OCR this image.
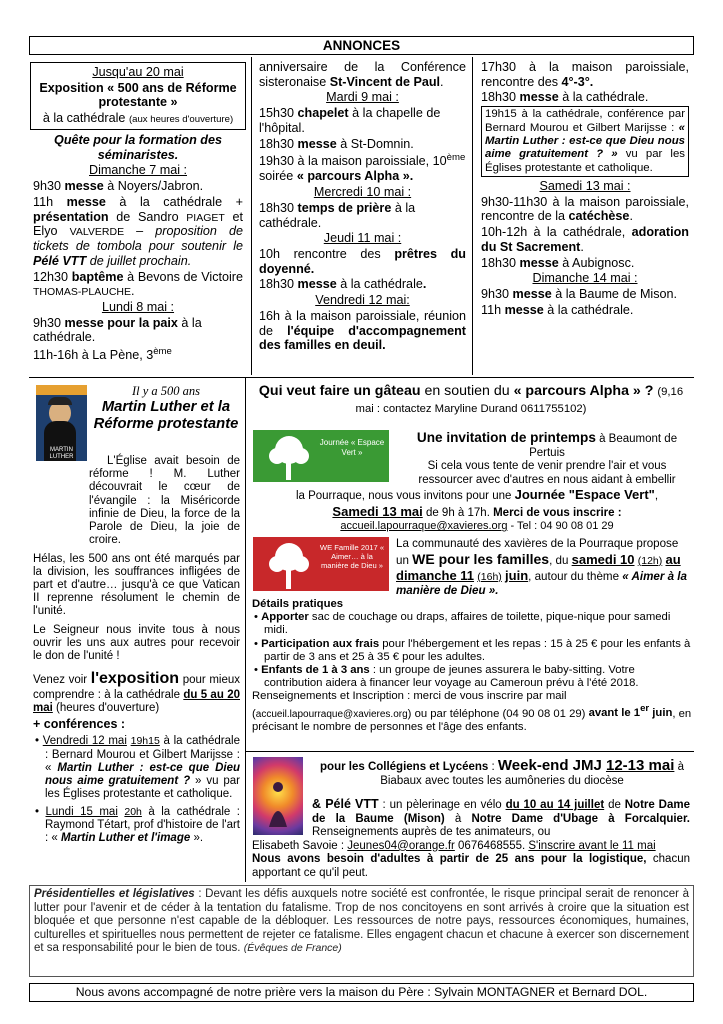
ANNONCES

Jusqu'au 20 mai

Exposition « 500 ans de Réforme protestante »

à la cathédrale (aux heures d'ouverture)

Quête pour la formation des séminaristes.

Dimanche 7 mai :

9h30 messe à Noyers/Jabron.

11h messe à la cathédrale + présentation de Sandro PIAGET et Elyo VALVERDE – proposition de tickets de tombola pour soutenir le Pélé VTT de juillet prochain.

12h30 baptême à Bevons de Victoire THOMAS-PLAUCHE.

Lundi 8 mai :

9h30 messe pour la paix à la cathédrale.

11h-16h à La Pène, 3ème

anniversaire de la Conférence sisteronaise St-Vincent de Paul.

Mardi 9 mai :

15h30 chapelet à la chapelle de l'hôpital.

18h30 messe à St-Domnin.

19h30 à la maison paroissiale, 10ème soirée « parcours Alpha ».

Mercredi 10 mai :

18h30 temps de prière à la cathédrale.

Jeudi 11 mai :

10h rencontre des prêtres du doyenné.

18h30 messe à la cathédrale.

Vendredi 12 mai:

16h à la maison paroissiale, réunion de l'équipe d'accompagnement des familles en deuil.

17h30 à la maison paroissiale, rencontre des 4°-3°.

18h30 messe à la cathédrale.

19h15 à la cathédrale, conférence par Bernard Mourou et Gilbert Marijsse : « Martin Luther : est-ce que Dieu nous aime gratuitement ? » vu par les Églises protestante et catholique.

Samedi 13 mai :

9h30-11h30 à la maison paroissiale, rencontre de la catéchèse.

10h-12h à la cathédrale, adoration du St Sacrement.

18h30 messe à Aubignosc.

Dimanche 14 mai :

9h30 messe à la Baume de Mison.

11h messe à la cathédrale.

MARTIN LUTHER

Il y a 500 ans

Martin Luther et la Réforme protestante

L'Église avait besoin de réforme ! M. Luther découvrait le cœur de l'évangile : la Miséricorde infinie de Dieu, la force de la Parole de Dieu, la joie de croire.

Hélas, les 500 ans ont été marqués par la division, les souffrances infligées de part et d'autre… jusqu'à ce que Vatican II reprenne résolument le chemin de l'unité.

Le Seigneur nous invite tous à nous ouvrir les uns aux autres pour recevoir le don de l'unité !

Venez voir l'exposition pour mieux comprendre : à la cathédrale du 5 au 20 mai (heures d'ouverture)

+ conférences :

• Vendredi 12 mai 19h15 à la cathédrale : Bernard Mourou et Gilbert Marijsse : « Martin Luther : est-ce que Dieu nous aime gratuitement ? » vu par les Églises protestante et catholique.

• Lundi 15 mai 20h à la cathédrale : Raymond Tétart, prof d'histoire de l'art : « Martin Luther et l'image ».

Qui veut faire un gâteau en soutien du « parcours Alpha » ? (9,16 mai : contactez Maryline Durand 0611755102)

Journée « Espace Vert »

Une invitation de printemps à Beaumont de Pertuis

Si cela vous tente de venir prendre l'air et vous ressourcer avec d'autres en nous aidant à embellir

la Pourraque, nous vous invitons pour une Journée "Espace Vert",

Samedi 13 mai de 9h à 17h. Merci de vous inscrire :

accueil.lapourraque@xavieres.org - Tel : 04 90 08 01 29

WE Famille 2017 « Aimer… à la manière de Dieu »

La communauté des xavières de la Pourraque propose un WE pour les familles, du samedi 10 (12h) au dimanche 11 (16h) juin, autour du thème « Aimer à la manière de Dieu ».

Détails pratiques

• Apporter sac de couchage ou draps, affaires de toilette, pique-nique pour samedi midi.

• Participation aux frais pour l'hébergement et les repas : 15 à 25 € pour les enfants à partir de 3 ans et 25 à 35 € pour les adultes.

• Enfants de 1 à 3 ans : un groupe de jeunes assurera le baby-sitting. Votre contribution aidera à financer leur voyage au Cameroun prévu à l'été 2018.

Renseignements et Inscription : merci de vous inscrire par mail (accueil.lapourraque@xavieres.org) ou par téléphone (04 90 08 01 29) avant le 1er juin, en précisant le nombre de personnes et l'âge des enfants.

pour les Collégiens et Lycéens : Week-end JMJ 12-13 mai à Biabaux avec toutes les aumôneries du diocèse

& Pélé VTT : un pèlerinage en vélo du 10 au 14 juillet de Notre Dame de la Baume (Mison) à Notre Dame d'Ubage à Forcalquier. Renseignements auprès de tes animateurs, ou

Elisabeth Savoie : Jeunes04@orange.fr 0676468555. S'inscrire avant le 11 mai

Nous avons besoin d'adultes à partir de 25 ans pour la logistique, chacun apportant ce qu'il peut.

Présidentielles et législatives : Devant les défis auxquels notre société est confrontée, le risque principal serait de renoncer à lutter pour l'avenir et de céder à la tentation du fatalisme. Trop de nos concitoyens en sont arrivés à croire que la situation est bloquée et que personne n'est capable de la débloquer. Les ressources de notre pays, ressources économiques, humaines, culturelles et spirituelles nous permettent de rejeter ce fatalisme. Elles engagent chacun et chacune à exercer son discernement et sa responsabilité pour le bien de tous. (Évêques de France)

Nous avons accompagné de notre prière vers la maison du Père : Sylvain MONTAGNER et Bernard DOL.
